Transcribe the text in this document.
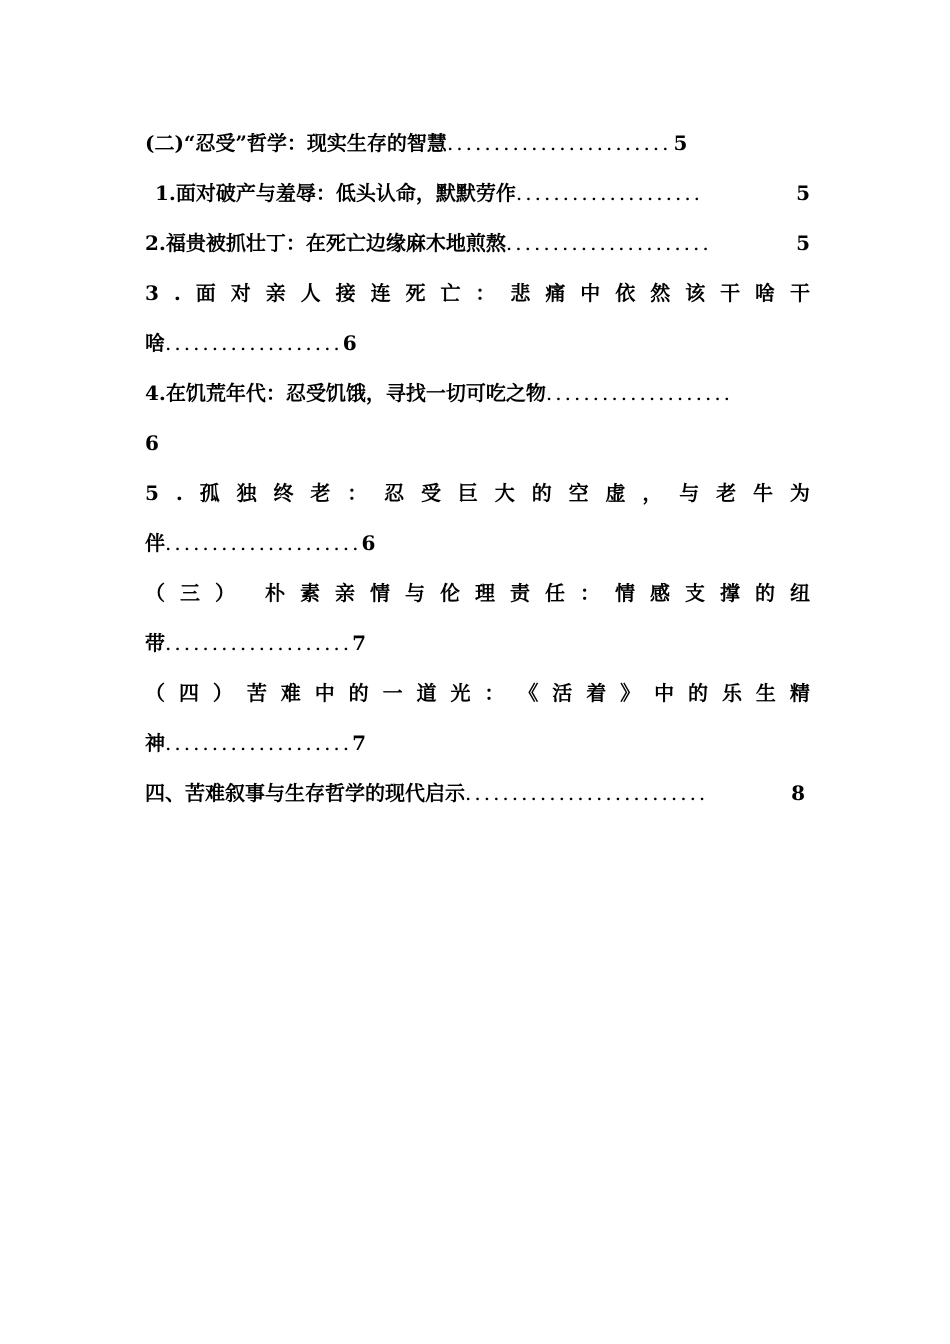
(二)“忍受”哲学：现实生存的智慧 ........................ 5
1.面对破产与羞辱：低头认命，默默劳作 ....................	5
2.福贵被抓壮丁：在死亡边缘麻木地煎熬 ......................	5
3 . 面 对 亲 人 接 连 死 亡 ： 悲 痛 中 依 然 该 干 啥 干
啥...................6
4.在饥荒年代：忍受饥饿，寻找一切可吃之物....................
6
5 . 孤 独 终 老 ： 忍 受 巨 大 的 空 虚 ， 与 老 牛 为
伴.....................6
（ 三 ） 朴 素 亲 情 与 伦 理 责 任 ： 情 感 支 撑 的 纽
带....................7
（ 四 ） 苦 难 中 的 一 道 光 ： 《 活 着 》 中 的 乐 生 精
神....................7
四、苦难叙事与生存哲学的现代启示 ..........................	8
